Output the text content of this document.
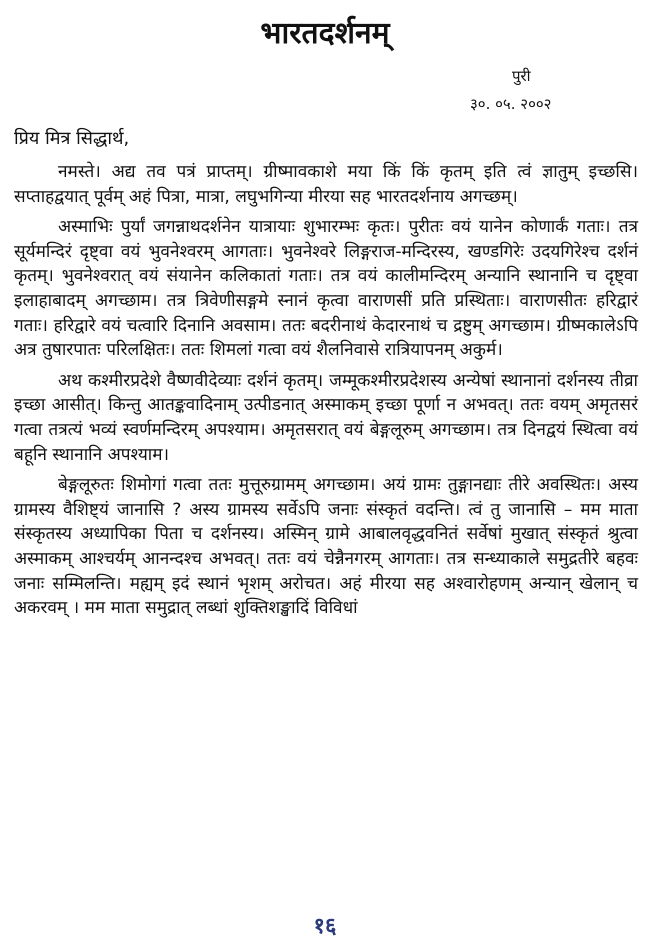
भारतदर्शनम्
पुरी
३०. ०५. २००२
प्रिय मित्र सिद्धार्थ,

नमस्ते। अद्य तव पत्रं प्राप्तम्। ग्रीष्मावकाशे मया किं किं कृतम् इति त्वं ज्ञातुम् इच्छसि। सप्ताहद्वयात् पूर्वम् अहं पित्रा, मात्रा, लघुभगिन्या मीरया सह भारतदर्शनाय अगच्छम्।

अस्माभिः पुर्यां जगन्नाथदर्शनेन यात्रायाः शुभारम्भः कृतः। पुरीतः वयं यानेन कोणार्कं गताः। तत्र सूर्यमन्दिरं दृष्ट्वा वयं भुवनेश्वरम् आगताः। भुवनेश्वरे लिङ्गराज-मन्दिरस्य, खण्डगिरेः उदयगिरेश्च दर्शनं कृतम्। भुवनेश्वरात् वयं संयानेन कलिकातां गताः। तत्र वयं कालीमन्दिरम् अन्यानि स्थानानि च दृष्ट्वा इलाहाबादम् अगच्छाम। तत्र त्रिवेणीसङ्गमे स्नानं कृत्वा वाराणसीं प्रति प्रस्थिताः। वाराणसीतः हरिद्वारं गताः। हरिद्वारे वयं चत्वारि दिनानि अवसाम। ततः बदरीनाथं केदारनाथं च द्रष्टुम् अगच्छाम। ग्रीष्मकालेऽपि अत्र तुषारपातः परिलक्षितः। ततः शिमलां गत्वा वयं शैलनिवासे रात्रियापनम् अकुर्म।

अथ कश्मीरप्रदेशे वैष्णवीदेव्याः दर्शनं कृतम्। जम्मूकश्मीरप्रदेशस्य अन्येषां स्थानानां दर्शनस्य तीव्रा इच्छा आसीत्। किन्तु आतङ्कवादिनाम् उत्पीडनात् अस्माकम् इच्छा पूर्णा न अभवत्। ततः वयम् अमृतसरं गत्वा तत्रत्यं भव्यं स्वर्णमन्दिरम् अपश्याम। अमृतसरात् वयं बेङ्गलूरुम् अगच्छाम। तत्र दिनद्वयं स्थित्वा वयं बहूनि स्थानानि अपश्याम।

बेङ्गलूरुतः शिमोगां गत्वा ततः मुत्तूरुग्रामम् अगच्छाम। अयं ग्रामः तुङ्गानद्याः तीरे अवस्थितः। अस्य ग्रामस्य वैशिष्ट्यं जानासि ? अस्य ग्रामस्य सर्वेऽपि जनाः संस्कृतं वदन्ति। त्वं तु जानासि – मम माता संस्कृतस्य अध्यापिका पिता च दर्शनस्य। अस्मिन् ग्रामे आबालवृद्धवनितं सर्वेषां मुखात् संस्कृतं श्रुत्वा अस्माकम् आश्चर्यम् आनन्दश्च अभवत्। ततः वयं चेन्नैनगरम् आगताः। तत्र सन्ध्याकाले समुद्रतीरे बहवः जनाः सम्मिलन्ति। मह्यम् इदं स्थानं भृशम् अरोचत। अहं मीरया सह अश्वारोहणम् अन्यान् खेलान् च अकरवम् । मम माता समुद्रात् लब्धां शुक्तिशङ्खादिं विविधां

१६
